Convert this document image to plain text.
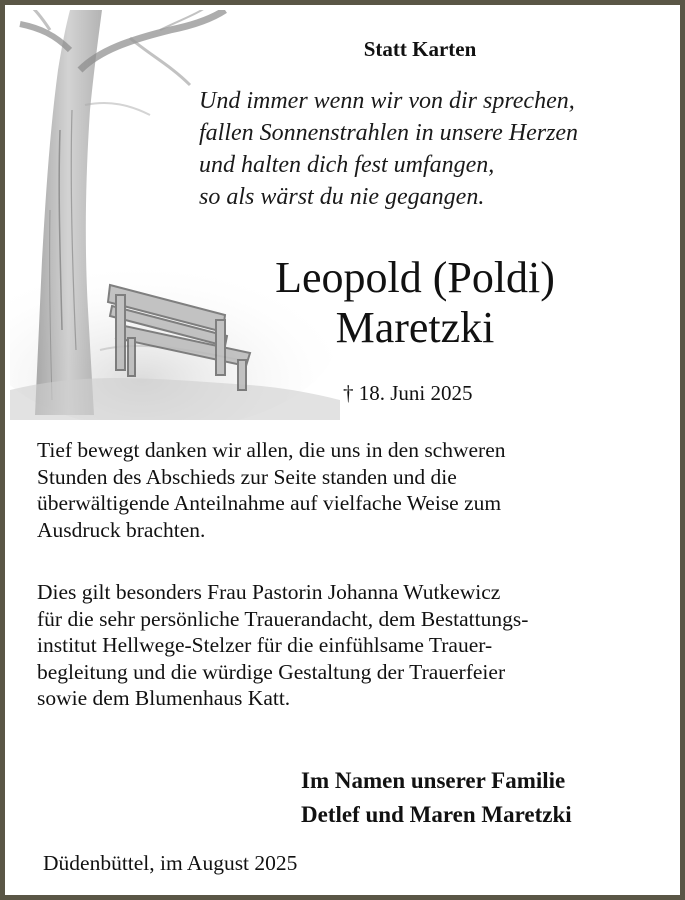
Statt Karten
Und immer wenn wir von dir sprechen,
fallen Sonnenstrahlen in unsere Herzen
und halten dich fest umfangen,
so als wärst du nie gegangen.
Leopold (Poldi)
Maretzki
† 18. Juni 2025
Tief bewegt danken wir allen, die uns in den schweren
Stunden des Abschieds zur Seite standen und die
überwältigende Anteilnahme auf vielfache Weise zum
Ausdruck brachten.
Dies gilt besonders Frau Pastorin Johanna Wutkewicz
für die sehr persönliche Trauerandacht, dem Bestattungs-
institut Hellwege-Stelzer für die einfühlsame Trauer-
begleitung und die würdige Gestaltung der Trauerfeier
sowie dem Blumenhaus Katt.
Im Namen unserer Familie
Detlef und Maren Maretzki
Düdenbüttel, im August 2025
